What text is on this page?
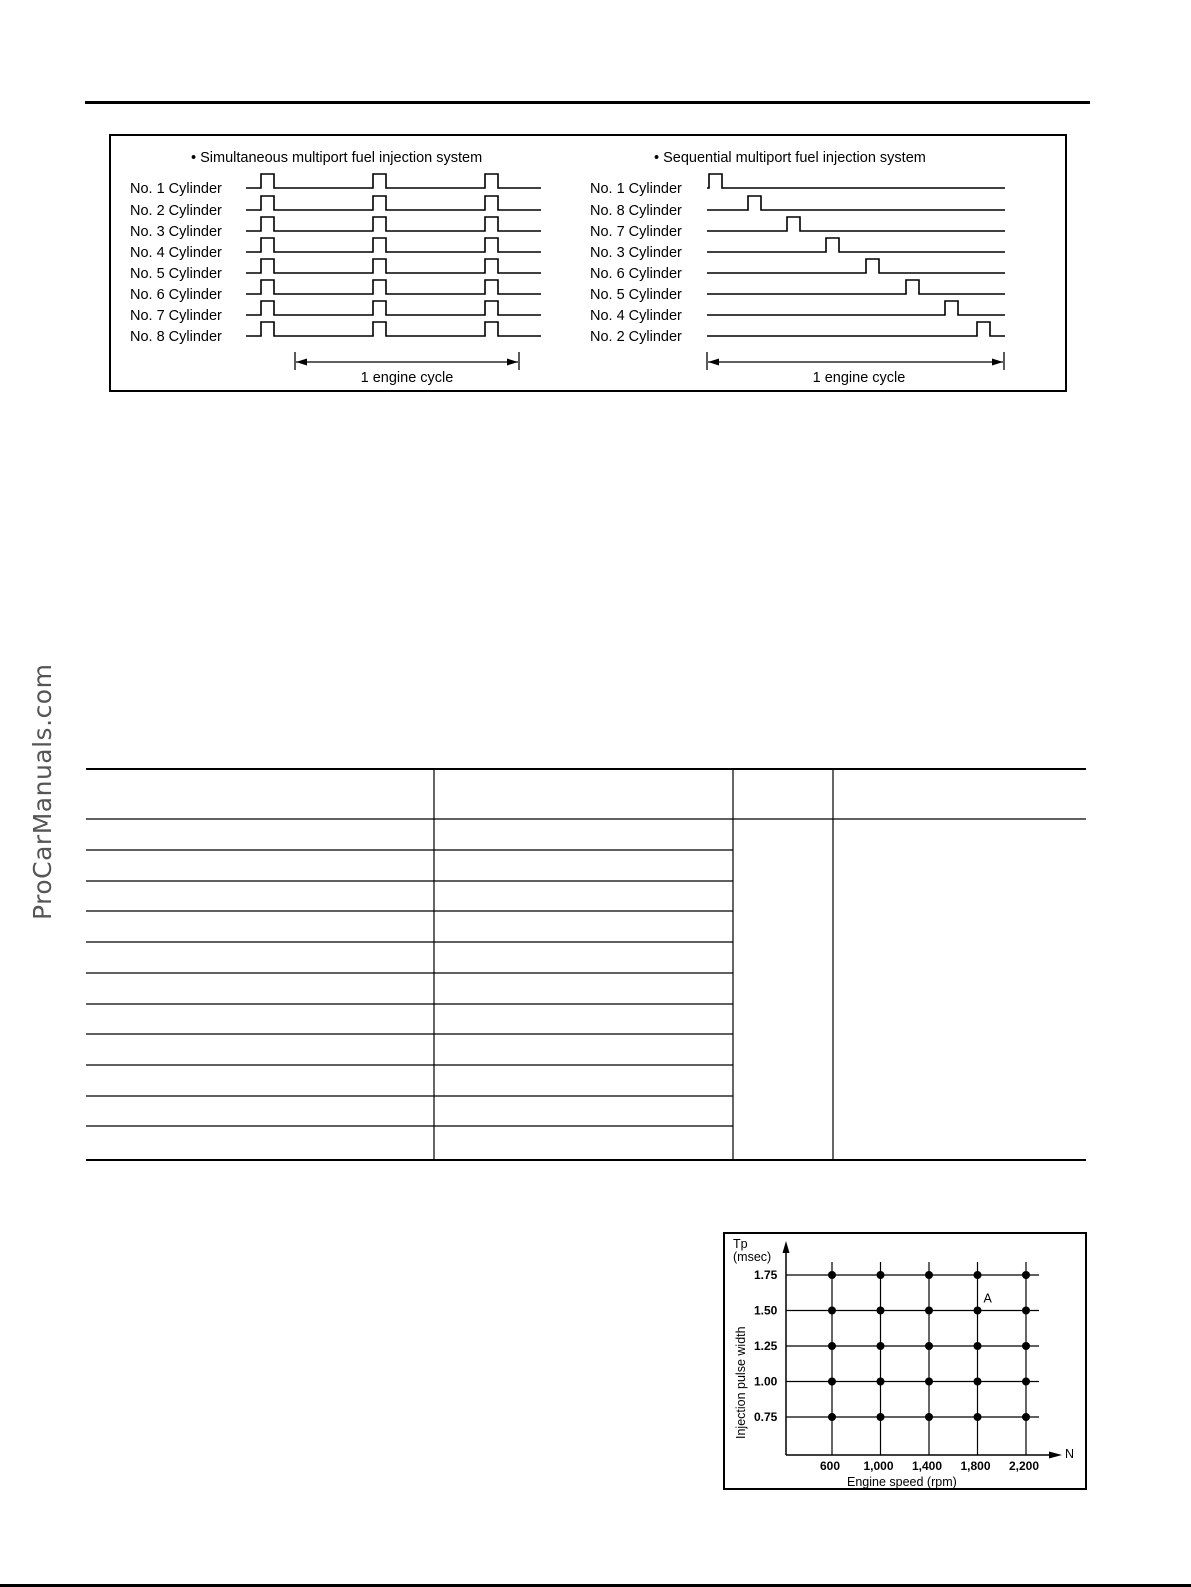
ProCarManuals.com
• Simultaneous multiport fuel injection system	• Sequential multiport fuel injection system
No. 1 Cylinder
No. 2 Cylinder
No. 3 Cylinder
No. 4 Cylinder
No. 5 Cylinder
No. 6 Cylinder
No. 7 Cylinder
No. 8 Cylinder
No. 1 Cylinder
No. 8 Cylinder
No. 7 Cylinder
No. 3 Cylinder
No. 6 Cylinder
No. 5 Cylinder
No. 4 Cylinder
No. 2 Cylinder
1 engine cycle	1 engine cycle
Tp
(msec)
Injection pulse width
Engine speed (rpm)
N
600 1,000 1,400 1,800 2,200
0.75
1.00
1.25
1.50
1.75
A
